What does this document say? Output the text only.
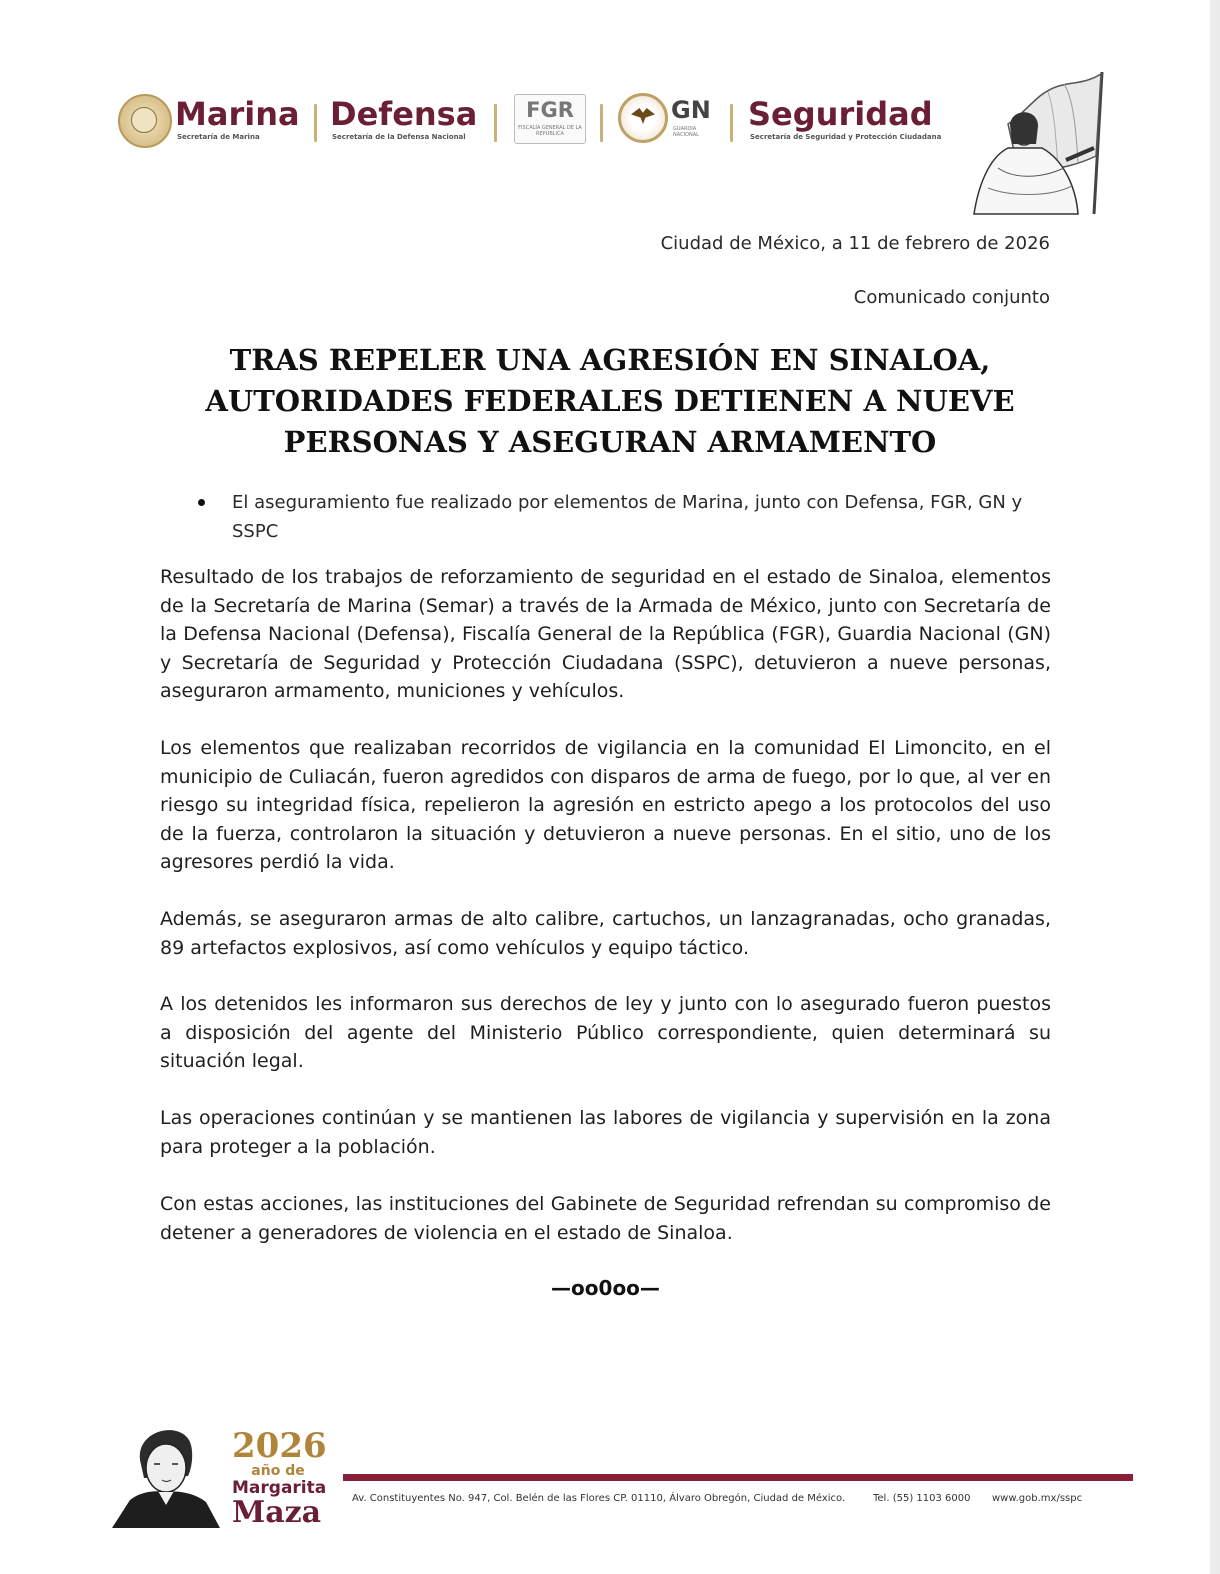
Marina
Secretaría de Marina
Defensa
Secretaría de la Defensa Nacional
FGR
FISCALÍA GENERAL DE LA REPÚBLICA
GN
GUARDIA NACIONAL
Seguridad
Secretaría de Seguridad y Protección Ciudadana
Ciudad de México, a 11 de febrero de 2026
Comunicado conjunto
TRAS REPELER UNA AGRESIÓN EN SINALOA,
AUTORIDADES FEDERALES DETIENEN A NUEVE
PERSONAS Y ASEGURAN ARMAMENTO
El aseguramiento fue realizado por elementos de Marina, junto con Defensa, FGR, GN y SSPC

Resultado de los trabajos de reforzamiento de seguridad en el estado de Sinaloa, elementos de la Secretaría de Marina (Semar) a través de la Armada de México, junto con Secretaría de la Defensa Nacional (Defensa), Fiscalía General de la República (FGR), Guardia Nacional (GN) y Secretaría de Seguridad y Protección Ciudadana (SSPC), detuvieron a nueve personas, aseguraron armamento, municiones y vehículos.

Los elementos que realizaban recorridos de vigilancia en la comunidad El Limoncito, en el municipio de Culiacán, fueron agredidos con disparos de arma de fuego, por lo que, al ver en riesgo su integridad física, repelieron la agresión en estricto apego a los protocolos del uso de la fuerza, controlaron la situación y detuvieron a nueve personas. En el sitio, uno de los agresores perdió la vida.

Además, se aseguraron armas de alto calibre, cartuchos, un lanzagranadas, ocho granadas, 89 artefactos explosivos, así como vehículos y equipo táctico.

A los detenidos les informaron sus derechos de ley y junto con lo asegurado fueron puestos a disposición del agente del Ministerio Público correspondiente, quien determinará su situación legal.

Las operaciones continúan y se mantienen las labores de vigilancia y supervisión en la zona para proteger a la población.

Con estas acciones, las instituciones del Gabinete de Seguridad refrendan su compromiso de detener a generadores de violencia en el estado de Sinaloa.

—oo0oo—
2026
año de
Margarita
Maza	Av. Constituyentes No. 947, Col. Belén de las Flores CP. 01110, Álvaro Obregón, Ciudad de México.	Tel. (55) 1103 6000 www.gob.mx/sspc
